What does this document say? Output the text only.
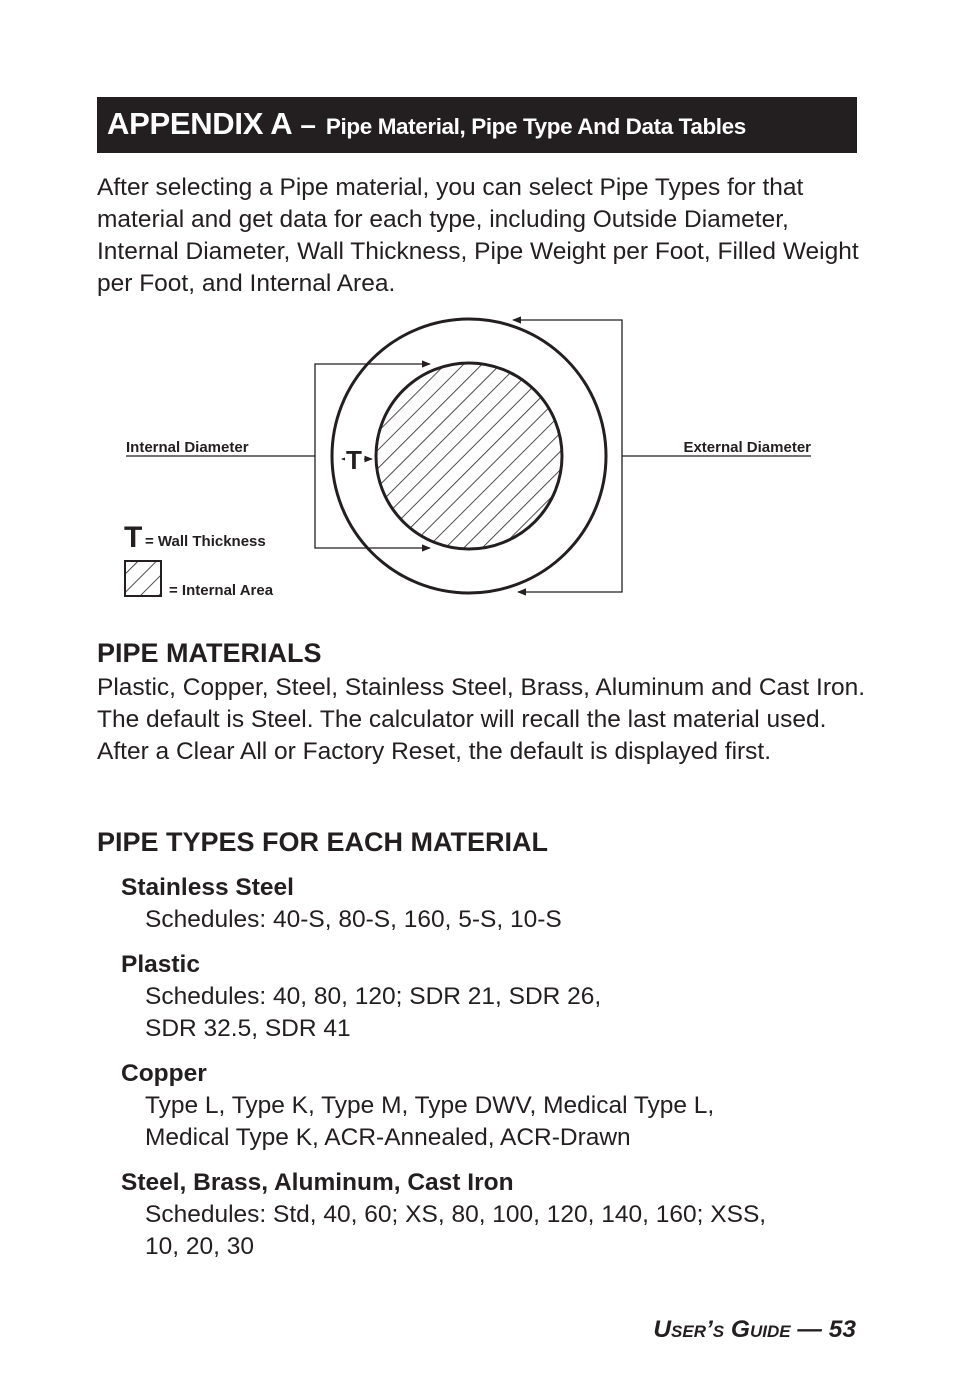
APPENDIX A – Pipe Material, Pipe Type And Data Tables

After selecting a Pipe material, you can select Pipe Types for that material and get data for each type, including Outside Diameter, Internal Diameter, Wall Thickness, Pipe Weight per Foot, Filled Weight per Foot, and Internal Area.

Internal Diameter	External Diameter
T
T = Wall Thickness
= Internal Area
PIPE MATERIALS

Plastic, Copper, Steel, Stainless Steel, Brass, Aluminum and Cast Iron. The default is Steel. The calculator will recall the last material used. After a Clear All or Factory Reset, the default is displayed first.

PIPE TYPES FOR EACH MATERIAL
Stainless Steel
Schedules: 40-S, 80-S, 160, 5-S, 10-S
Plastic
Schedules: 40, 80, 120; SDR 21, SDR 26,
SDR 32.5, SDR 41
Copper
Type L, Type K, Type M, Type DWV, Medical Type L,
Medical Type K, ACR-Annealed, ACR-Drawn
Steel, Brass, Aluminum, Cast Iron
Schedules: Std, 40, 60; XS, 80, 100, 120, 140, 160; XSS,
10, 20, 30
User’s Guide — 53
